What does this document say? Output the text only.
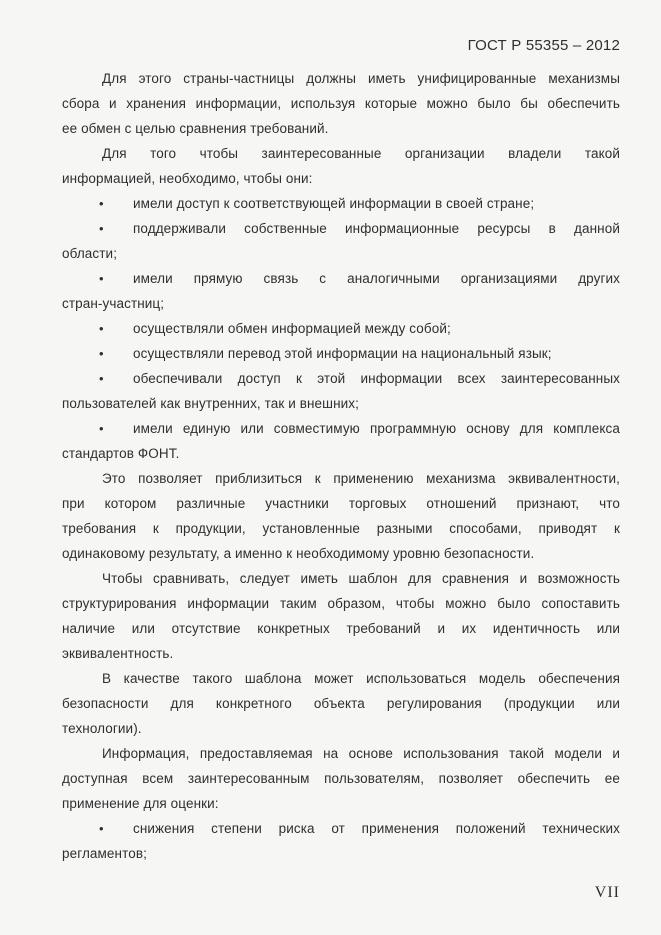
ГОСТ Р 55355 – 2012
Для этого страны-частницы должны иметь унифицированные механизмы
сбора и хранения информации, используя которые можно было бы обеспечить
ее обмен с целью сравнения требований.
Для того чтобы заинтересованные организации владели такой
информацией, необходимо, чтобы они:
•	имели доступ к соответствующей информации в своей стране;
•	поддерживали собственные информационные ресурсы в данной
области;
•	имели прямую связь с аналогичными организациями других
стран-участниц;
•	осуществляли обмен информацией между собой;
•	осуществляли перевод этой информации на национальный язык;
•	обеспечивали доступ к этой информации всех заинтересованных
пользователей как внутренних, так и внешних;
•	имели единую или совместимую программную основу для комплекса
стандартов ФОНТ.
Это позволяет приблизиться к применению механизма эквивалентности,
при котором различные участники торговых отношений признают, что
требования к продукции, установленные разными способами, приводят к
одинаковому результату, а именно к необходимому уровню безопасности.
Чтобы сравнивать, следует иметь шаблон для сравнения и возможность
структурирования информации таким образом, чтобы можно было сопоставить
наличие или отсутствие конкретных требований и их идентичность или
эквивалентность.
В качестве такого шаблона может использоваться модель обеспечения
безопасности для конкретного объекта регулирования (продукции или
технологии).
Информация, предоставляемая на основе использования такой модели и
доступная всем заинтересованным пользователям, позволяет обеспечить ее
применение для оценки:
•	снижения степени риска от применения положений технических
регламентов;
VII
